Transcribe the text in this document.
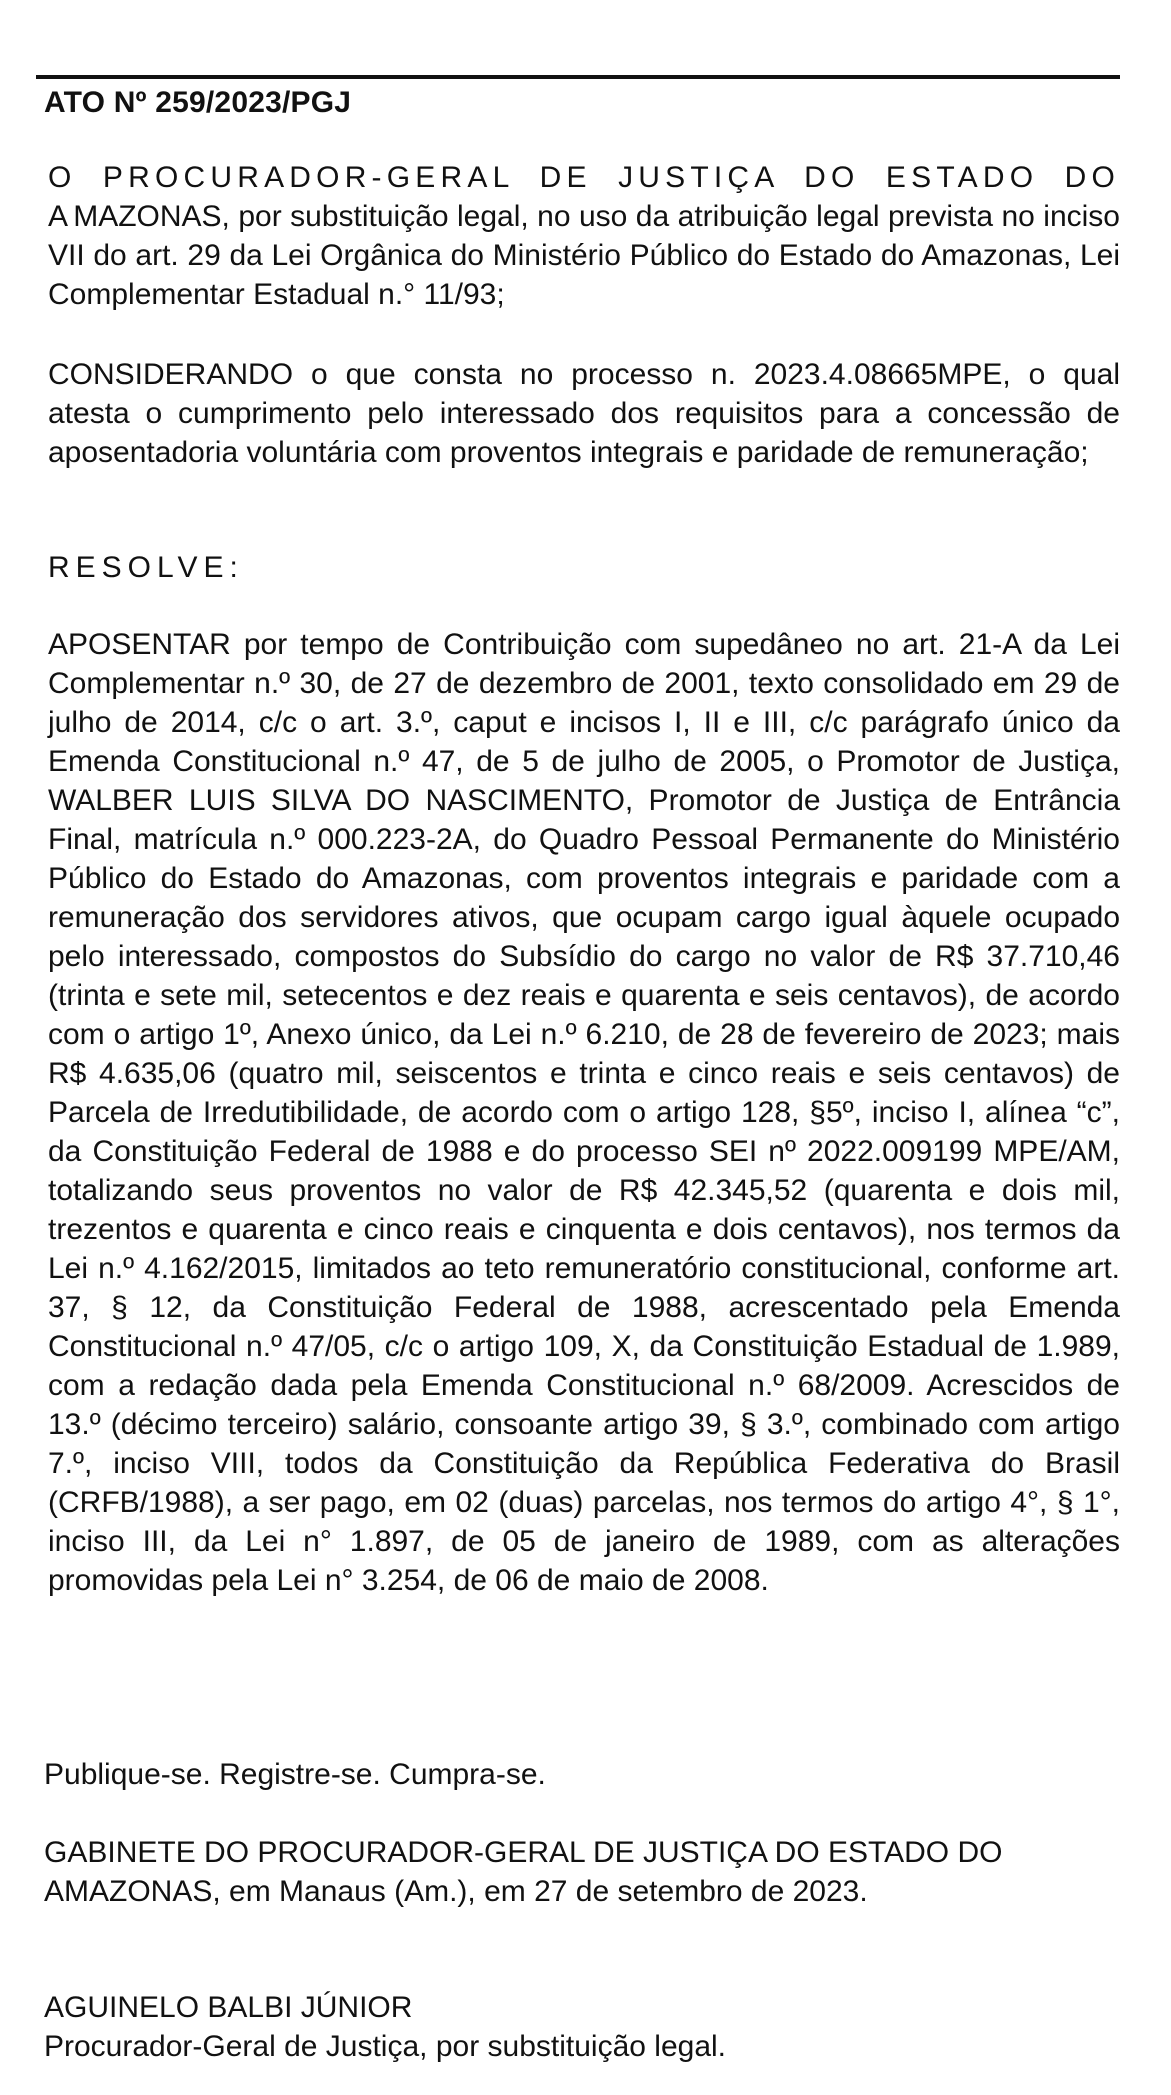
ATO Nº 259/2023/PGJ

O PROCURADOR-GERAL DE JUSTIÇA DO ESTADO DO AMAZONAS, por substituição legal, no uso da atribuição legal prevista no inciso VII do art. 29 da Lei Orgânica do Ministério Público do Estado do Amazonas, Lei Complementar Estadual n.° 11/93;

CONSIDERANDO o que consta no processo n. 2023.4.08665MPE, o qual atesta o cumprimento pelo interessado dos requisitos para a concessão de aposentadoria voluntária com proventos integrais e paridade de remuneração;

RESOLVE:

APOSENTAR por tempo de Contribuição com supedâneo no art. 21-A da Lei Complementar n.º 30, de 27 de dezembro de 2001, texto consolidado em 29 de julho de 2014, c/c o art. 3.º, caput e incisos I, II e III, c/c parágrafo único da Emenda Constitucional n.º 47, de 5 de julho de 2005, o Promotor de Justiça, WALBER LUIS SILVA DO NASCIMENTO, Promotor de Justiça de Entrância Final, matrícula n.º 000.223-2A, do Quadro Pessoal Permanente do Ministério Público do Estado do Amazonas, com proventos integrais e paridade com a remuneração dos servidores ativos, que ocupam cargo igual àquele ocupado pelo interessado, compostos do Subsídio do cargo no valor de R$ 37.710,46 (trinta e sete mil, setecentos e dez reais e quarenta e seis centavos), de acordo com o artigo 1º, Anexo único, da Lei n.º 6.210, de 28 de fevereiro de 2023; mais R$ 4.635,06 (quatro mil, seiscentos e trinta e cinco reais e seis centavos) de Parcela de Irredutibilidade, de acordo com o artigo 128, §5º, inciso I, alínea “c”, da Constituição Federal de 1988 e do processo SEI nº 2022.009199 MPE/AM, totalizando seus proventos no valor de R$ 42.345,52 (quarenta e dois mil, trezentos e quarenta e cinco reais e cinquenta e dois centavos), nos termos da Lei n.º 4.162/2015, limitados ao teto remuneratório constitucional, conforme art. 37, § 12, da Constituição Federal de 1988, acrescentado pela Emenda Constitucional n.º 47/05, c/c o artigo 109, X, da Constituição Estadual de 1.989, com a redação dada pela Emenda Constitucional n.º 68/2009. Acrescidos de 13.º (décimo terceiro) salário, consoante artigo 39, § 3.º, combinado com artigo 7.º, inciso VIII, todos da Constituição da República Federativa do Brasil (CRFB/1988), a ser pago, em 02 (duas) parcelas, nos termos do artigo 4°, § 1°, inciso III, da Lei n° 1.897, de 05 de janeiro de 1989, com as alterações promovidas pela Lei n° 3.254, de 06 de maio de 2008.

Publique-se. Registre-se. Cumpra-se.

GABINETE DO PROCURADOR-GERAL DE JUSTIÇA DO ESTADO DO AMAZONAS, em Manaus (Am.), em 27 de setembro de 2023.

AGUINELO BALBI JÚNIOR

Procurador-Geral de Justiça, por substituição legal.
